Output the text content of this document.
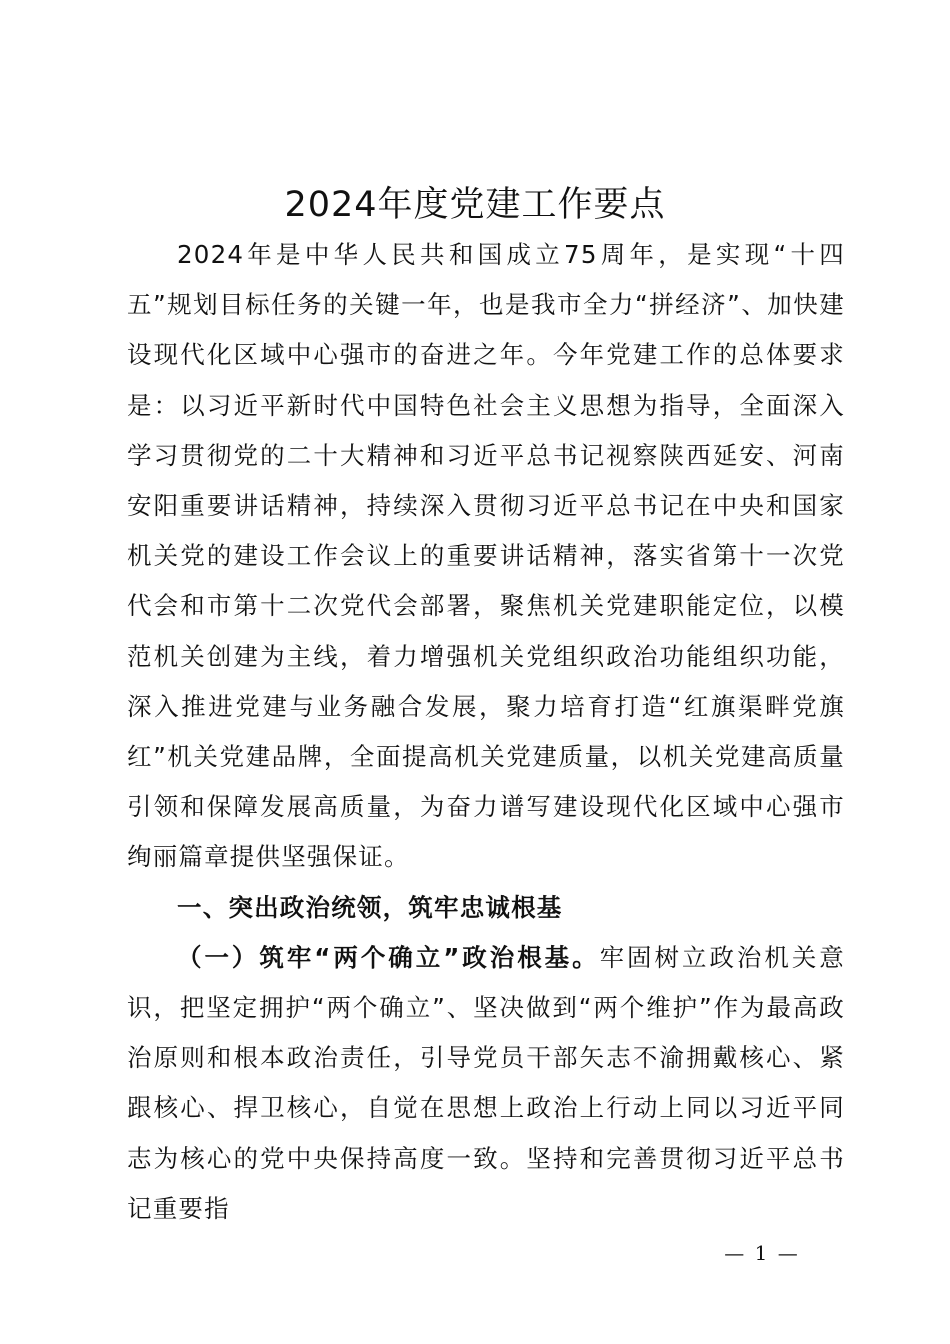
2024年度党建工作要点

2024年是中华人民共和国成立75周年，是实现“十四五”规划目标任务的关键一年，也是我市全力“拼经济”、加快建设现代化区域中心强市的奋进之年。今年党建工作的总体要求是：以习近平新时代中国特色社会主义思想为指导，全面深入学习贯彻党的二十大精神和习近平总书记视察陕西延安、河南安阳重要讲话精神，持续深入贯彻习近平总书记在中央和国家机关党的建设工作会议上的重要讲话精神，落实省第十一次党代会和市第十二次党代会部署，聚焦机关党建职能定位，以模范机关创建为主线，着力增强机关党组织政治功能组织功能，深入推进党建与业务融合发展，聚力培育打造“红旗渠畔党旗红”机关党建品牌，全面提高机关党建质量，以机关党建高质量引领和保障发展高质量，为奋力谱写建设现代化区域中心强市绚丽篇章提供坚强保证。

一、突出政治统领，筑牢忠诚根基

（一）筑牢“两个确立”政治根基。牢固树立政治机关意识，把坚定拥护“两个确立”、坚决做到“两个维护”作为最高政治原则和根本政治责任，引导党员干部矢志不渝拥戴核心、紧跟核心、捍卫核心，自觉在思想上政治上行动上同以习近平同志为核心的党中央保持高度一致。坚持和完善贯彻习近平总书记重要指

— 1 —
